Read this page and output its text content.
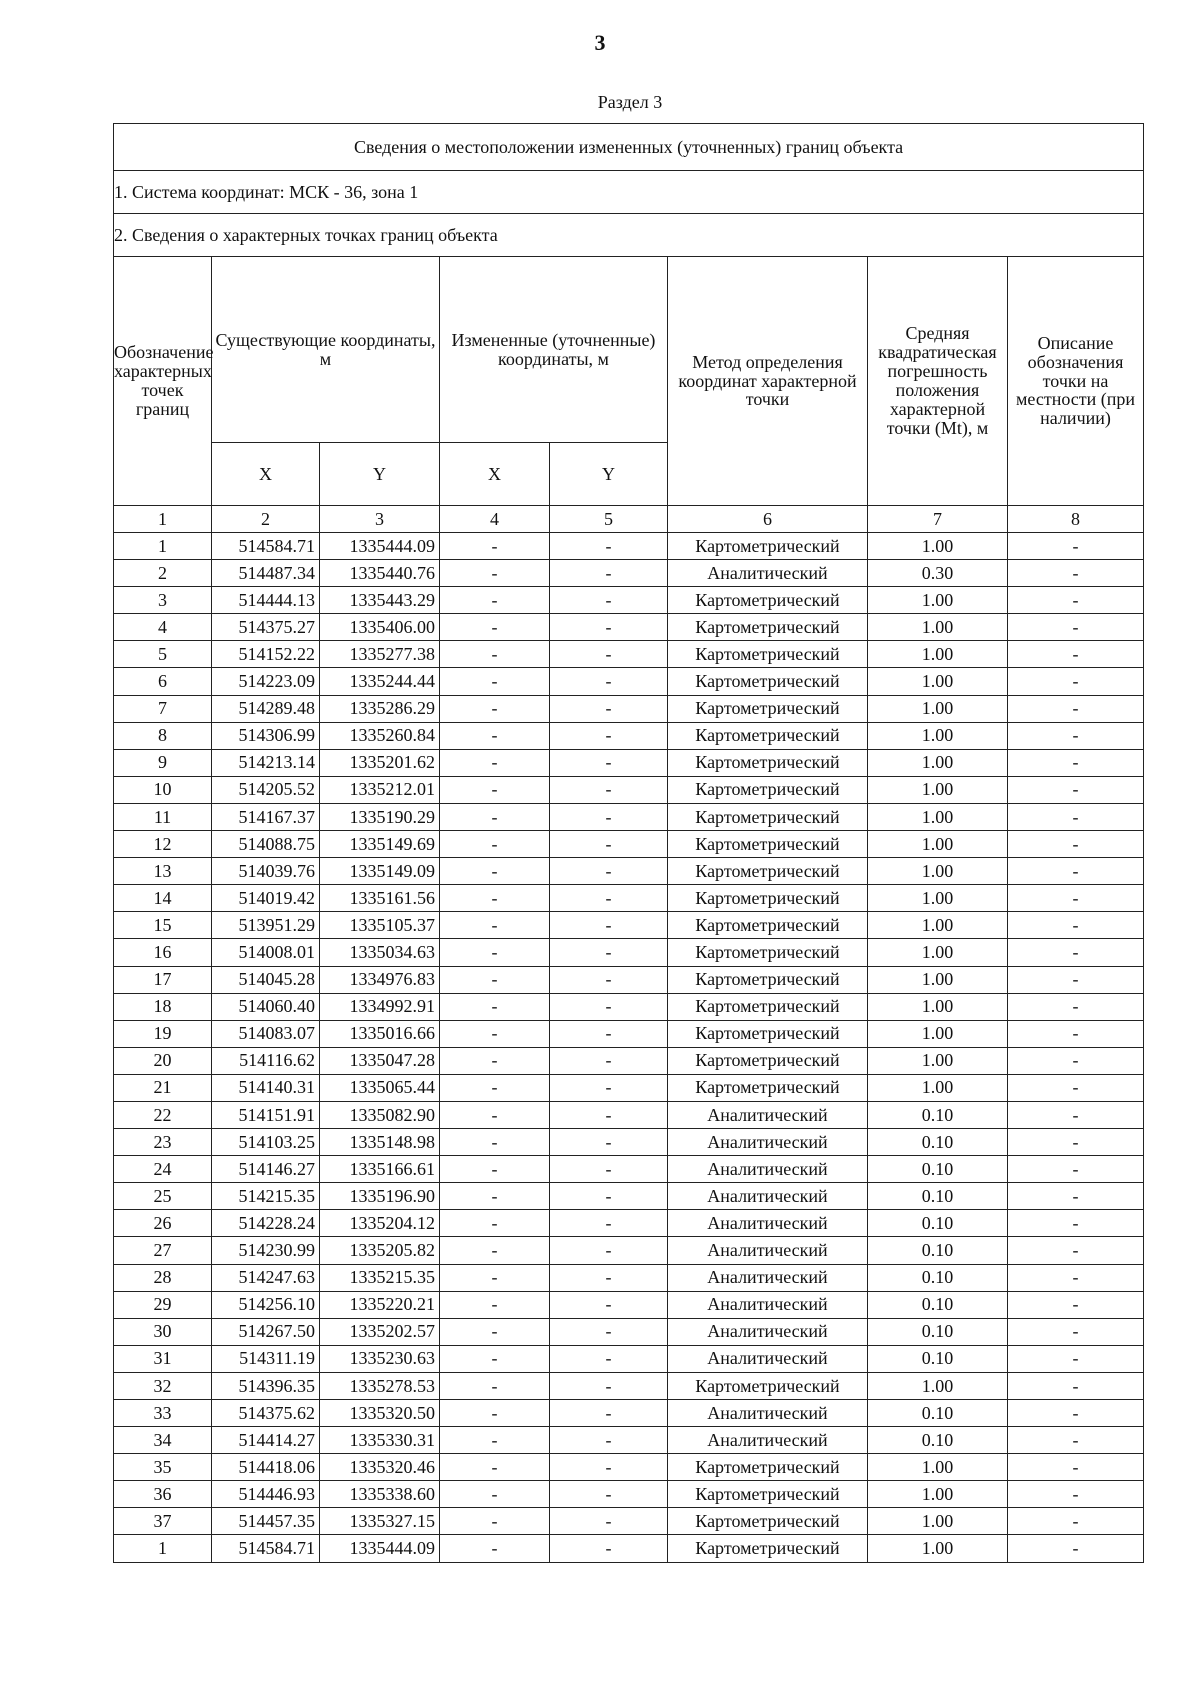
3
Раздел 3
Сведения о местоположении измененных (уточненных) границ объекта							
1. Система координат: МСК - 36, зона 1							
2. Сведения о характерных точках границ объекта							
Обозначение характерных точек границ	Существующие координаты, м		Измененные (уточненные) координаты, м		Метод определения координат характерной точки	Средняя квадратическая погрешность положения характерной точки (Mt), м	Описание обозначения точки на местности (при наличии)
	X	Y	X	Y			
1	2	3	4	5	6	7	8
1	514584.71	1335444.09	-	-	Картометрический	1.00	-
2	514487.34	1335440.76	-	-	Аналитический	0.30	-
3	514444.13	1335443.29	-	-	Картометрический	1.00	-
4	514375.27	1335406.00	-	-	Картометрический	1.00	-
5	514152.22	1335277.38	-	-	Картометрический	1.00	-
6	514223.09	1335244.44	-	-	Картометрический	1.00	-
7	514289.48	1335286.29	-	-	Картометрический	1.00	-
8	514306.99	1335260.84	-	-	Картометрический	1.00	-
9	514213.14	1335201.62	-	-	Картометрический	1.00	-
10	514205.52	1335212.01	-	-	Картометрический	1.00	-
11	514167.37	1335190.29	-	-	Картометрический	1.00	-
12	514088.75	1335149.69	-	-	Картометрический	1.00	-
13	514039.76	1335149.09	-	-	Картометрический	1.00	-
14	514019.42	1335161.56	-	-	Картометрический	1.00	-
15	513951.29	1335105.37	-	-	Картометрический	1.00	-
16	514008.01	1335034.63	-	-	Картометрический	1.00	-
17	514045.28	1334976.83	-	-	Картометрический	1.00	-
18	514060.40	1334992.91	-	-	Картометрический	1.00	-
19	514083.07	1335016.66	-	-	Картометрический	1.00	-
20	514116.62	1335047.28	-	-	Картометрический	1.00	-
21	514140.31	1335065.44	-	-	Картометрический	1.00	-
22	514151.91	1335082.90	-	-	Аналитический	0.10	-
23	514103.25	1335148.98	-	-	Аналитический	0.10	-
24	514146.27	1335166.61	-	-	Аналитический	0.10	-
25	514215.35	1335196.90	-	-	Аналитический	0.10	-
26	514228.24	1335204.12	-	-	Аналитический	0.10	-
27	514230.99	1335205.82	-	-	Аналитический	0.10	-
28	514247.63	1335215.35	-	-	Аналитический	0.10	-
29	514256.10	1335220.21	-	-	Аналитический	0.10	-
30	514267.50	1335202.57	-	-	Аналитический	0.10	-
31	514311.19	1335230.63	-	-	Аналитический	0.10	-
32	514396.35	1335278.53	-	-	Картометрический	1.00	-
33	514375.62	1335320.50	-	-	Аналитический	0.10	-
34	514414.27	1335330.31	-	-	Аналитический	0.10	-
35	514418.06	1335320.46	-	-	Картометрический	1.00	-
36	514446.93	1335338.60	-	-	Картометрический	1.00	-
37	514457.35	1335327.15	-	-	Картометрический	1.00	-
1	514584.71	1335444.09	-	-	Картометрический	1.00	-
